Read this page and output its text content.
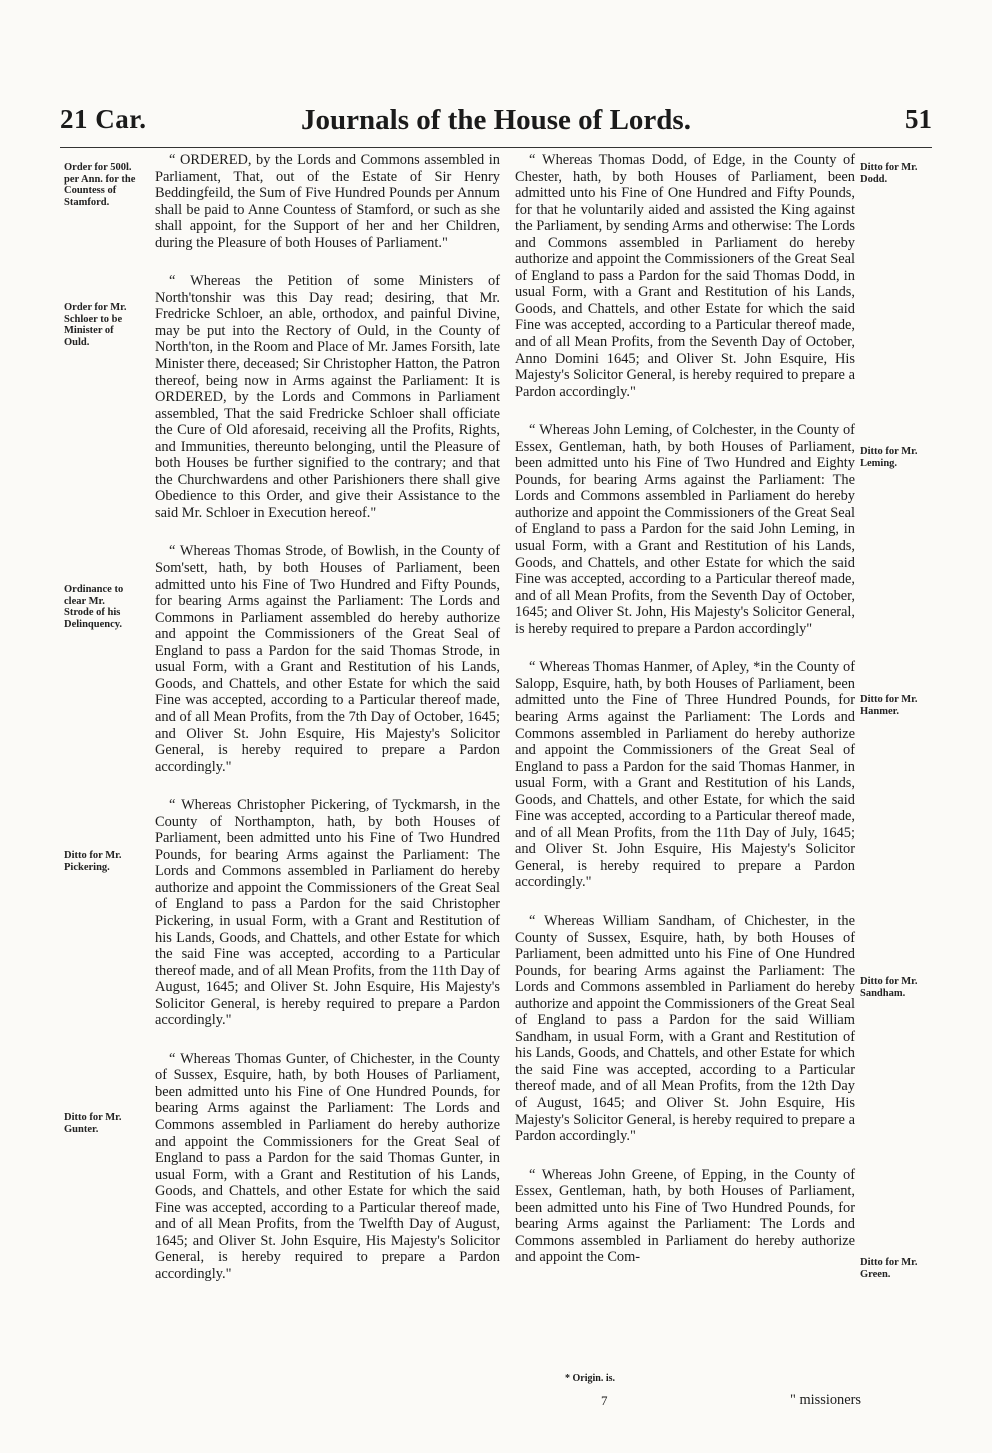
21 Car.	Journals of the House of Lords.	51
Order for 500l. per Ann. for the Countess of Stamford.
Order for Mr. Schloer to be Minister of Ould.
Ordinance to clear Mr. Strode of his Delinquency.
Ditto for Mr. Pickering.
Ditto for Mr. Gunter.
Ditto for Mr. Dodd.
Ditto for Mr. Leming.
Ditto for Mr. Hanmer.
Ditto for Mr. Sandham.
Ditto for Mr. Green.

“ ORDERED, by the Lords and Commons assembled in Parliament, That, out of the Estate of Sir Henry Beddingfeild, the Sum of Five Hundred Pounds per Annum shall be paid to Anne Countess of Stamford, or such as she shall appoint, for the Support of her and her Children, during the Pleasure of both Houses of Parliament."

“ Whereas the Petition of some Ministers of North'tonshir was this Day read; desiring, that Mr. Fredricke Schloer, an able, orthodox, and painful Divine, may be put into the Rectory of Ould, in the County of North'ton, in the Room and Place of Mr. James Forsith, late Minister there, deceased; Sir Christopher Hatton, the Patron thereof, being now in Arms against the Parliament: It is ORDERED, by the Lords and Commons in Parliament assembled, That the said Fredricke Schloer shall officiate the Cure of Old aforesaid, receiving all the Profits, Rights, and Immunities, thereunto belonging, until the Pleasure of both Houses be further signified to the contrary; and that the Churchwardens and other Parishioners there shall give Obedience to this Order, and give their Assistance to the said Mr. Schloer in Execution hereof."

“ Whereas Thomas Strode, of Bowlish, in the County of Som'sett, hath, by both Houses of Parliament, been admitted unto his Fine of Two Hundred and Fifty Pounds, for bearing Arms against the Parliament: The Lords and Commons in Parliament assembled do hereby authorize and appoint the Commissioners of the Great Seal of England to pass a Pardon for the said Thomas Strode, in usual Form, with a Grant and Restitution of his Lands, Goods, and Chattels, and other Estate for which the said Fine was accepted, according to a Particular thereof made, and of all Mean Profits, from the 7th Day of October, 1645; and Oliver St. John Esquire, His Majesty's Solicitor General, is hereby required to prepare a Pardon accordingly."

“ Whereas Christopher Pickering, of Tyckmarsh, in the County of Northampton, hath, by both Houses of Parliament, been admitted unto his Fine of Two Hundred Pounds, for bearing Arms against the Parliament: The Lords and Commons assembled in Parliament do hereby authorize and appoint the Commissioners of the Great Seal of England to pass a Pardon for the said Christopher Pickering, in usual Form, with a Grant and Restitution of his Lands, Goods, and Chattels, and other Estate for which the said Fine was accepted, according to a Particular thereof made, and of all Mean Profits, from the 11th Day of August, 1645; and Oliver St. John Esquire, His Majesty's Solicitor General, is hereby required to prepare a Pardon accordingly."

“ Whereas Thomas Gunter, of Chichester, in the County of Sussex, Esquire, hath, by both Houses of Parliament, been admitted unto his Fine of One Hundred Pounds, for bearing Arms against the Parliament: The Lords and Commons assembled in Parliament do hereby authorize and appoint the Commissioners for the Great Seal of England to pass a Pardon for the said Thomas Gunter, in usual Form, with a Grant and Restitution of his Lands, Goods, and Chattels, and other Estate for which the said Fine was accepted, according to a Particular thereof made, and of all Mean Profits, from the Twelfth Day of August, 1645; and Oliver St. John Esquire, His Majesty's Solicitor General, is hereby required to prepare a Pardon accordingly."

“ Whereas Thomas Dodd, of Edge, in the County of Chester, hath, by both Houses of Parliament, been admitted unto his Fine of One Hundred and Fifty Pounds, for that he voluntarily aided and assisted the King against the Parliament, by sending Arms and otherwise: The Lords and Commons assembled in Parliament do hereby authorize and appoint the Commissioners of the Great Seal of England to pass a Pardon for the said Thomas Dodd, in usual Form, with a Grant and Restitution of his Lands, Goods, and Chattels, and other Estate for which the said Fine was accepted, according to a Particular thereof made, and of all Mean Profits, from the Seventh Day of October, Anno Domini 1645; and Oliver St. John Esquire, His Majesty's Solicitor General, is hereby required to prepare a Pardon accordingly."

“ Whereas John Leming, of Colchester, in the County of Essex, Gentleman, hath, by both Houses of Parliament, been admitted unto his Fine of Two Hundred and Eighty Pounds, for bearing Arms against the Parliament: The Lords and Commons assembled in Parliament do hereby authorize and appoint the Commissioners of the Great Seal of England to pass a Pardon for the said John Leming, in usual Form, with a Grant and Restitution of his Lands, Goods, and Chattels, and other Estate for which the said Fine was accepted, according to a Particular thereof made, and of all Mean Profits, from the Seventh Day of October, 1645; and Oliver St. John, His Majesty's Solicitor General, is hereby required to prepare a Pardon accordingly"

“ Whereas Thomas Hanmer, of Apley, *in the County of Salopp, Esquire, hath, by both Houses of Parliament, been admitted unto the Fine of Three Hundred Pounds, for bearing Arms against the Parliament: The Lords and Commons assembled in Parliament do hereby authorize and appoint the Commissioners of the Great Seal of England to pass a Pardon for the said Thomas Hanmer, in usual Form, with a Grant and Restitution of his Lands, Goods, and Chattels, and other Estate, for which the said Fine was accepted, according to a Particular thereof made, and of all Mean Profits, from the 11th Day of July, 1645; and Oliver St. John Esquire, His Majesty's Solicitor General, is hereby required to prepare a Pardon accordingly."

“ Whereas William Sandham, of Chichester, in the County of Sussex, Esquire, hath, by both Houses of Parliament, been admitted unto his Fine of One Hundred Pounds, for bearing Arms against the Parliament: The Lords and Commons assembled in Parliament do hereby authorize and appoint the Commissioners of the Great Seal of England to pass a Pardon for the said William Sandham, in usual Form, with a Grant and Restitution of his Lands, Goods, and Chattels, and other Estate for which the said Fine was accepted, according to a Particular thereof made, and of all Mean Profits, from the 12th Day of August, 1645; and Oliver St. John Esquire, His Majesty's Solicitor General, is hereby required to prepare a Pardon accordingly."

“ Whereas John Greene, of Epping, in the County of Essex, Gentleman, hath, by both Houses of Parliament, been admitted unto his Fine of Two Hundred Pounds, for bearing Arms against the Parliament: The Lords and Commons assembled in Parliament do hereby authorize and appoint the Com-

* Origin. is.
7	" missioners
